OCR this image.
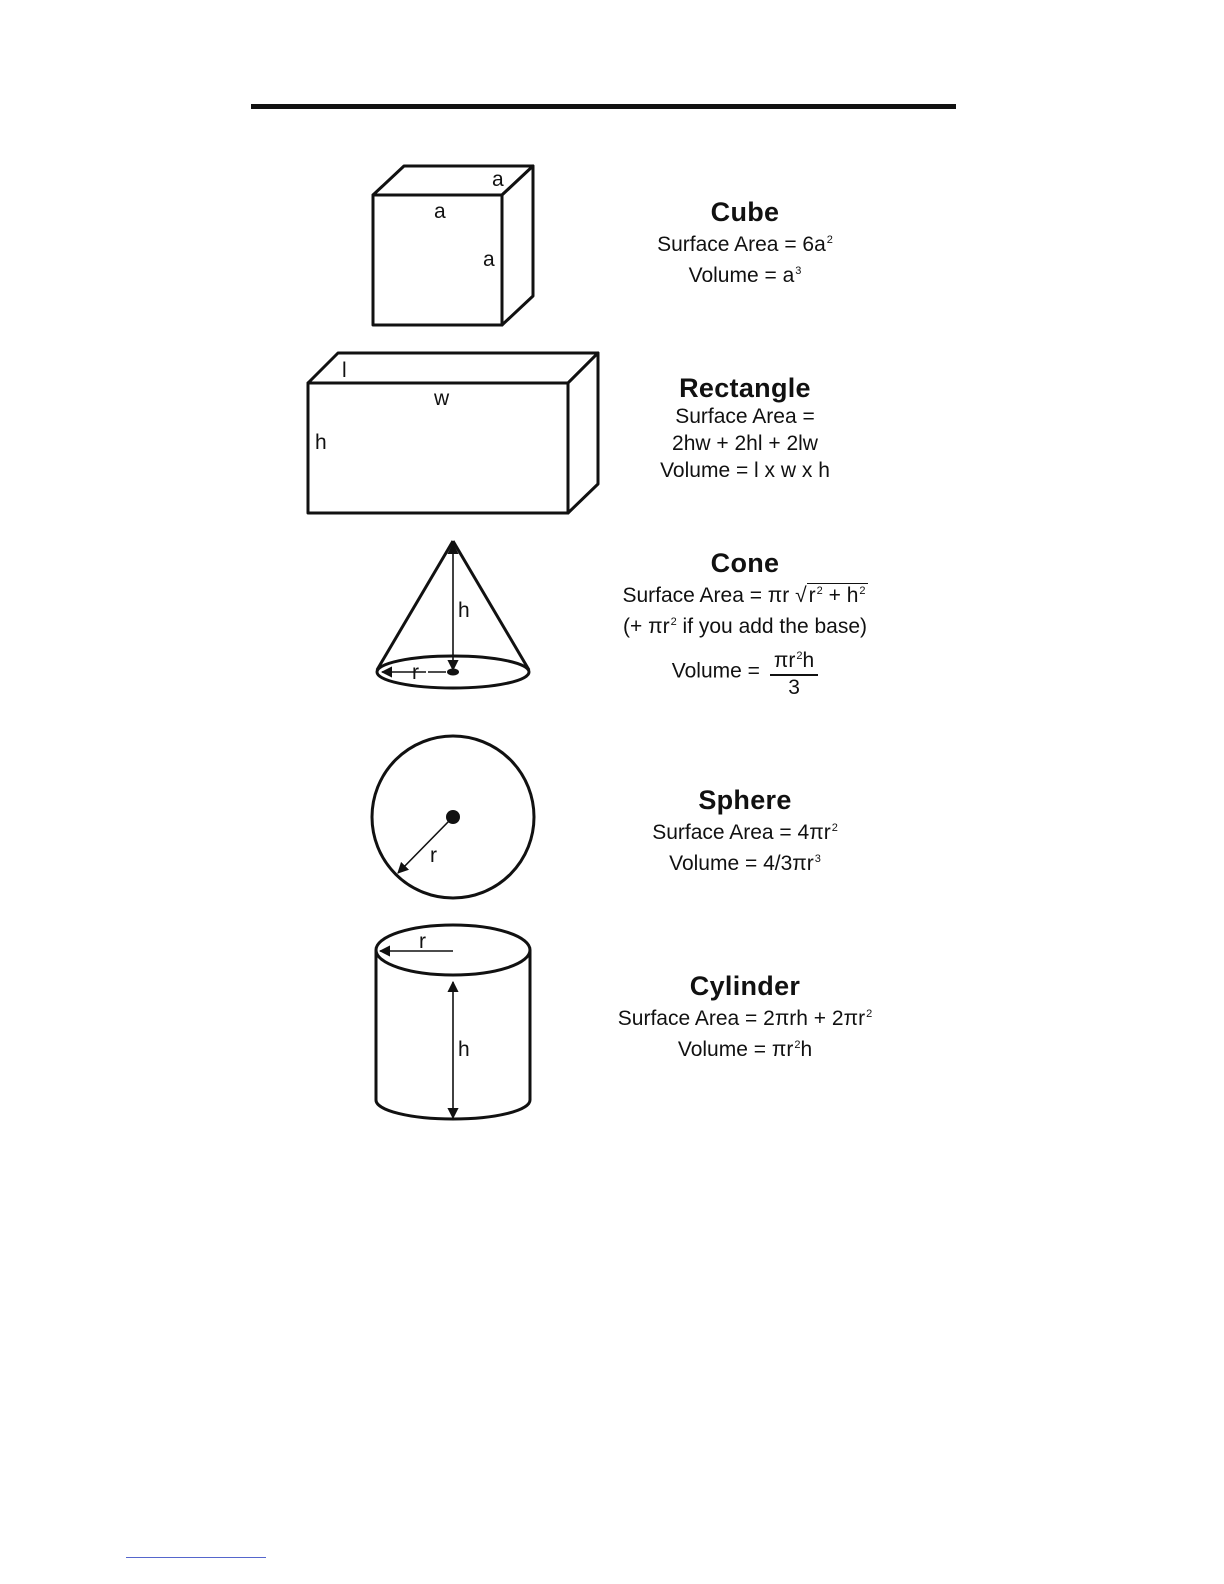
a
a
a
l
w
h
h
r
r
r
h
Cube
Surface Area = $6a^2$
Volume = $a^3$
Rectangle
Surface Area =
2hw + 2hl + 2lw
Volume = l x w x h
Cone
Surface Area = πr $√r^2 + h^2$
(+ $\pi r^2$ if you add the base)
Volume = $\frac{\pi r^2h}{3}$
Sphere
Surface Area = $4\pi r^2$
Volume = $4/3\pi r^3$
Cylinder
Surface Area = $2\pi rh + 2\pi r^2$
Volume = $\pi r^2h$
